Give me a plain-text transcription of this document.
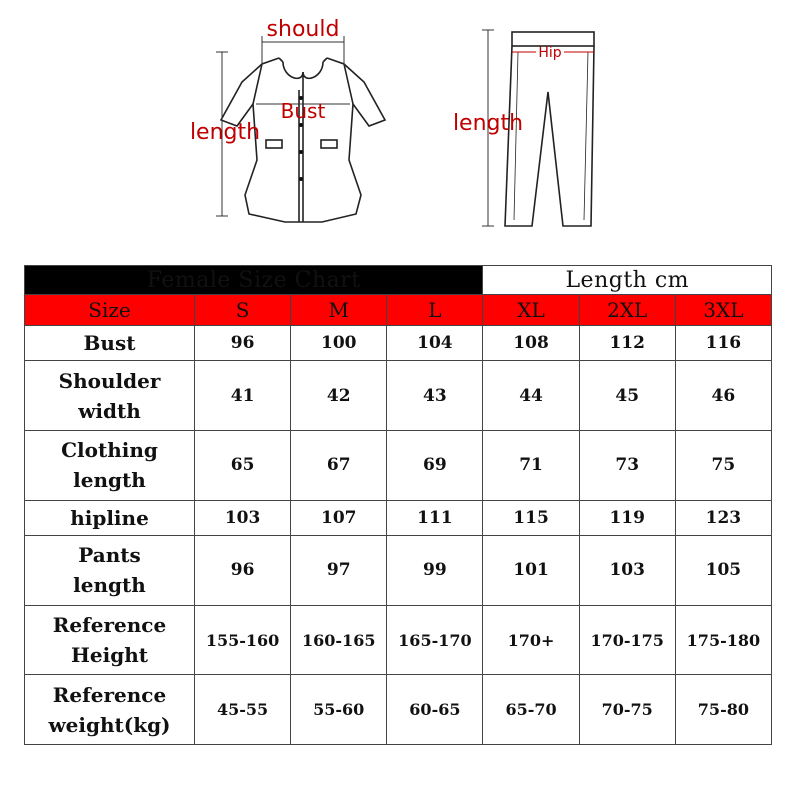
should
Bust
length
Hip
length
Female Size Chart				Length cm		
Size	S	M	L	XL	2XL	3XL

Bust	96	100	104	108	112	116

Shoulder
width	41	42	43	44	45	46

Clothing
length	65	67	69	71	73	75

hipline	103	107	111	115	119	123

Pants
length	96	97	99	101	103	105

Reference
Height	155-160	160-165	165-170	170+	170-175	175-180

Reference
weight(kg)	45-55	55-60	60-65	65-70	70-75	75-80
